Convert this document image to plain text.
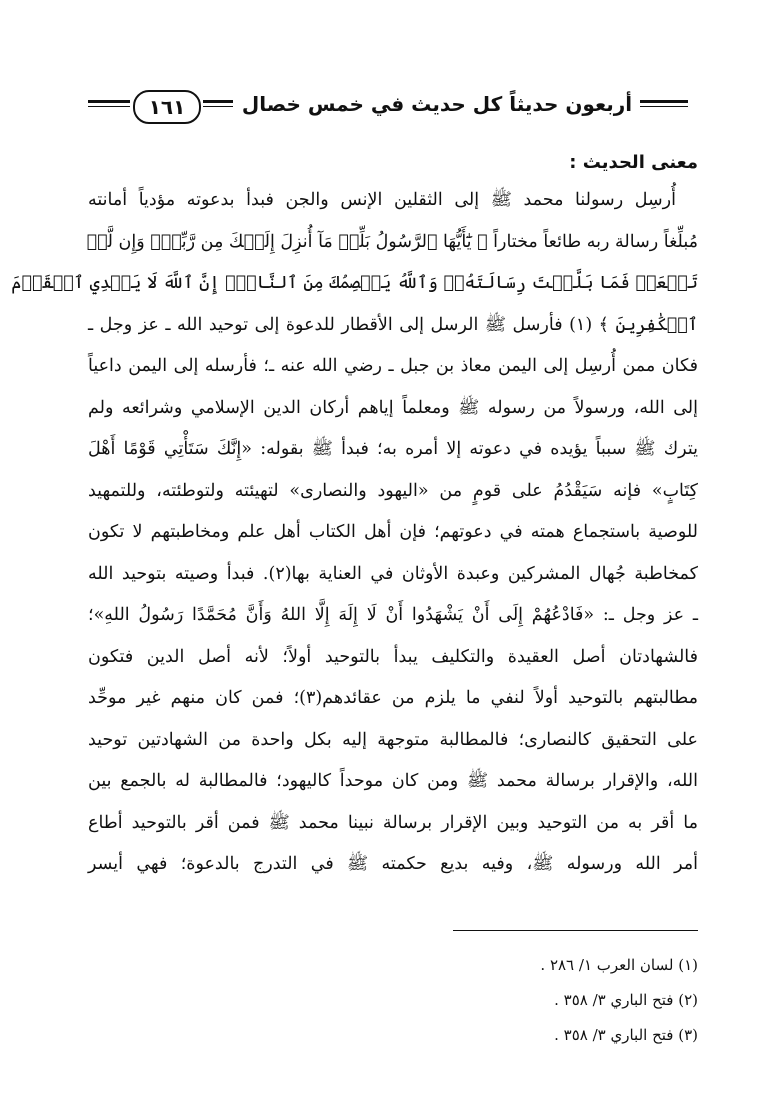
١٦١	أربعون حديثاً كل حديث في خمس خصال
معنى الحديث :
أُرسِل رسولنا محمد ﷺ إلى الثقلين الإنس والجن فبدأ بدعوته مؤدياً أمانته
مُبلِّغاً رسالة ربه طائعاً مختاراً ﴿ يَٰٓأَيُّهَا ٱلرَّسُولُ بَلِّغۡ مَآ أُنزِلَ إِلَيۡكَ مِن رَّبِّكَۖ وَإِن لَّمۡ
تَفۡعَلۡ فَمَا بَلَّغۡتَ رِسَالَتَهُۥۚ وَٱللَّهُ يَعۡصِمُكَ مِنَ ٱلنَّاسِۗ إِنَّ ٱللَّهَ لَا يَهۡدِي ٱلۡقَوۡمَ
ٱلۡكَٰفِرِينَ ﴾ (١) فأرسل ﷺ الرسل إلى الأقطار للدعوة إلى توحيد الله ـ عز وجل ـ
فكان ممن أُرسِل إلى اليمن معاذ بن جبل ـ رضي الله عنه ـ؛ فأرسله إلى اليمن داعياً
إلى الله، ورسولاً من رسوله ﷺ ومعلماً إياهم أركان الدين الإسلامي وشرائعه ولم
يترك ﷺ سبباً يؤيده في دعوته إلا أمره به؛ فبدأ ﷺ بقوله: «إِنَّكَ سَتَأْتِي قَوْمًا أَهْلَ
كِتَابٍ» فإنه سَيَقْدُمُ على قومٍ من «اليهود والنصارى» لتهيئته ولتوطئته، وللتمهيد
للوصية باستجماع همته في دعوتهم؛ فإن أهل الكتاب أهل علم ومخاطبتهم لا تكون
كمخاطبة جُهال المشركين وعبدة الأوثان في العناية بها(٢). فبدأ وصيته بتوحيد الله
ـ عز وجل ـ: «فَادْعُهُمْ إِلَى أَنْ يَشْهَدُوا أَنْ لَا إِلَهَ إِلَّا اللهُ وَأَنَّ مُحَمَّدًا رَسُولُ اللهِ»؛
فالشهادتان أصل العقيدة والتكليف يبدأ بالتوحيد أولاً؛ لأنه أصل الدين فتكون
مطالبتهم بالتوحيد أولاً لنفي ما يلزم من عقائدهم(٣)؛ فمن كان منهم غير موحِّد
على التحقيق كالنصارى؛ فالمطالبة متوجهة إليه بكل واحدة من الشهادتين توحيد
الله، والإقرار برسالة محمد ﷺ ومن كان موحداً كاليهود؛ فالمطالبة له بالجمع بين
ما أقر به من التوحيد وبين الإقرار برسالة نبينا محمد ﷺ فمن أقر بالتوحيد أطاع
أمر الله ورسوله ﷺ، وفيه بديع حكمته ﷺ في التدرج بالدعوة؛ فهي أيسر
(١) لسان العرب ١/ ٢٨٦ .
(٢) فتح الباري ٣/ ٣٥٨ .
(٣) فتح الباري ٣/ ٣٥٨ .
